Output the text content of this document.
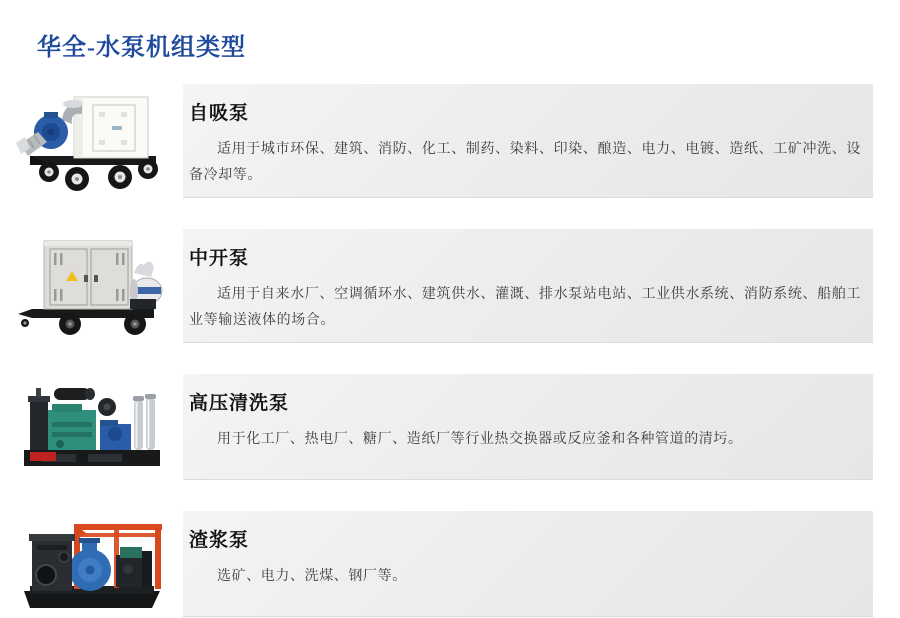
华全-水泵机组类型
自吸泵

适用于城市环保、建筑、消防、化工、制药、染料、印染、酿造、电力、电镀、造纸、工矿冲洗、设备冷却等。

中开泵

适用于自来水厂、空调循环水、建筑供水、灌溉、排水泵站电站、工业供水系统、消防系统、船舶工业等输送液体的场合。

高压清洗泵

用于化工厂、热电厂、糖厂、造纸厂等行业热交换器或反应釜和各种管道的清圬。

渣浆泵

选矿、电力、洗煤、钢厂等。
